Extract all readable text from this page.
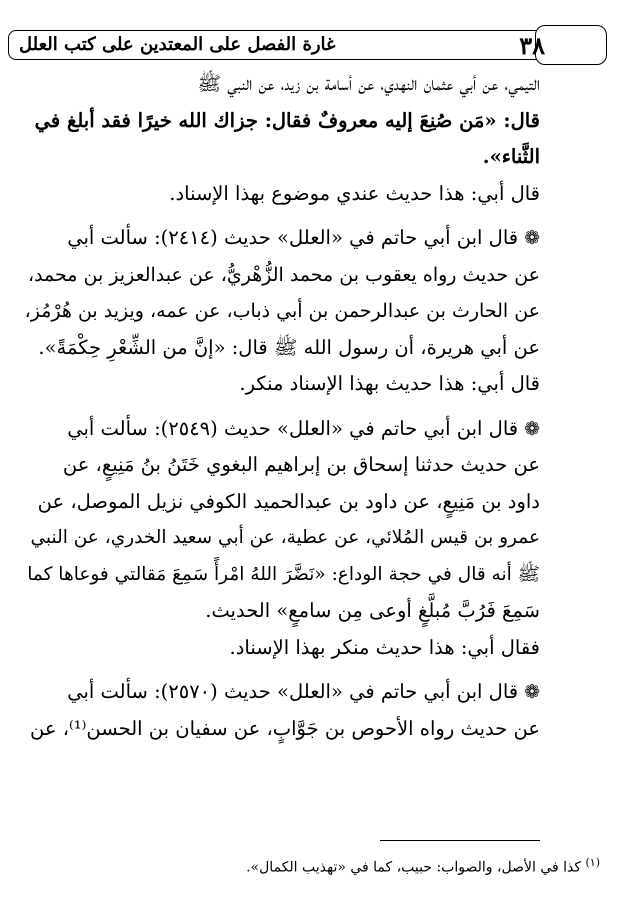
٣٨
غارة الفصل على المعتدين على كتب العلل

التيمي، عن أبي عثمان النهدي، عن أسامة بن زيد، عن النبي ﷺ
قال: «مَن صُنِعَ إليه معروفٌ فقال: جزاك الله خيرًا فقد أبلغ في
الثَّناء».

قال أبي: هذا حديث عندي موضوع بهذا الإسناد.

❁قال ابن أبي حاتم في «العلل» حديث (٢٤١٤): سألت أبي
عن حديث رواه يعقوب بن محمد الزُّهْريُّ، عن عبدالعزيز بن محمد،
عن الحارث بن عبدالرحمن بن أبي ذباب، عن عمه، ويزيد بن هُرْمُز،
عن أبي هريرة، أن رسول الله ﷺ قال: «إنَّ من الشِّعْرِ حِكْمَةً».

قال أبي: هذا حديث بهذا الإسناد منكر.

❁قال ابن أبي حاتم في «العلل» حديث (٢٥٤٩): سألت أبي
عن حديث حدثنا إسحاق بن إبراهيم البغوي خَتَنُ بنُ مَنِيعٍ، عن
داود بن مَنِيعٍ، عن داود بن عبدالحميد الكوفي نزيل الموصل، عن
عمرو بن قيس المُلائي، عن عطية، عن أبي سعيد الخدري، عن النبي
ﷺ أنه قال في حجة الوداع: «نَضَّرَ اللهُ امْرأً سَمِعَ مَقالتي فوعاها كما
سَمِعَ فَرُبَّ مُبلَّغٍ أوعى مِن سامعٍ» الحديث.

فقال أبي: هذا حديث منكر بهذا الإسناد.

❁قال ابن أبي حاتم في «العلل» حديث (٢٥٧٠): سألت أبي
عن حديث رواه الأحوص بن جَوَّابٍ، عن سفيان بن الحسن⁽¹⁾، عن

$^{(١)}$ كذا في الأصل، والصواب: حبيب، كما في «تهذيب الكمال».
